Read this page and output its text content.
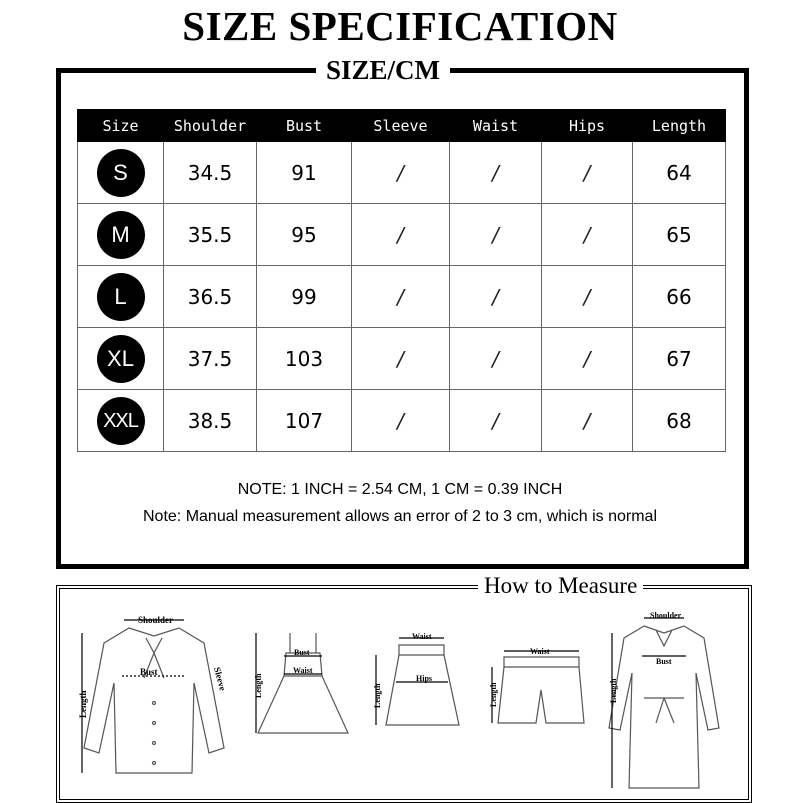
SIZE SPECIFICATION
SIZE/CM
Size	Shoulder	Bust	Sleeve	Waist	Hips	Length
S	34.5	91	/	/	/	64
M	35.5	95	/	/	/	65
L	36.5	99	/	/	/	66
XL	37.5	103	/	/	/	67
XXL	38.5	107	/	/	/	68
NOTE: 1 INCH = 2.54 CM, 1 CM = 0.39 INCH
Note: Manual measurement allows an error of 2 to 3 cm, which is normal
How to Measure
Shoulder
Bust	Sleeve
Length
Bust
Waist
Length
Waist
Hips
Length
Waist
Length
Shoulder
Bust
Length
